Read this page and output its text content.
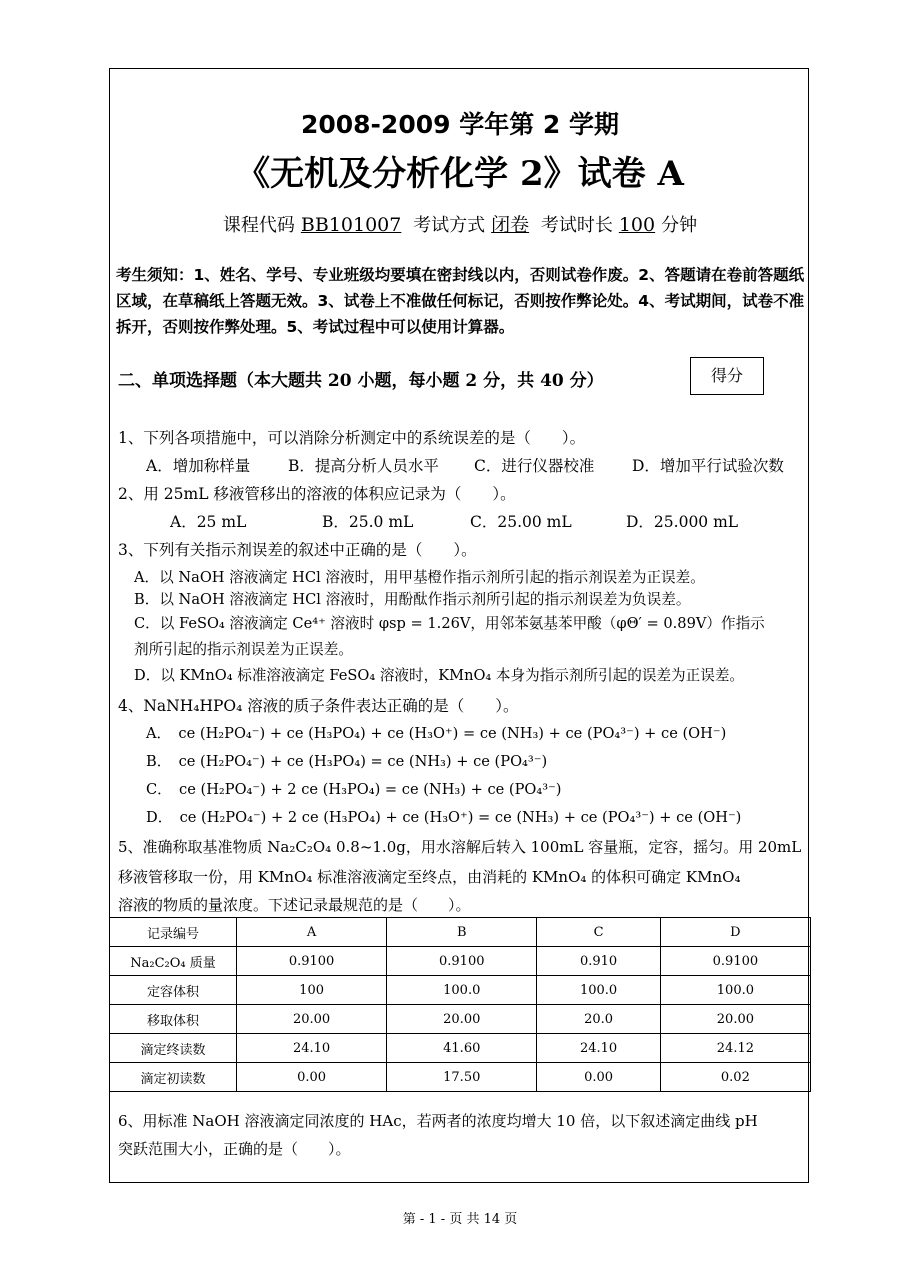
2008-2009 学年第 2 学期
《无机及分析化学 2》试卷 A
课程代码 BB101007 考试方式 闭卷 考试时长 100 分钟
考生须知：1、姓名、学号、专业班级均要填在密封线以内，否则试卷作废。2、答题请在卷前答题纸区域，在草稿纸上答题无效。3、试卷上不准做任何标记，否则按作弊论处。4、考试期间，试卷不准拆开，否则按作弊处理。5、考试过程中可以使用计算器。
二、单项选择题（本大题共 20 小题，每小题 2 分，共 40 分）	得分
1、下列各项措施中，可以消除分析测定中的系统误差的是（　　）。
A．增加称样量 B．提高分析人员水平 C．进行仪器校准 D．增加平行试验次数
2、用 25mL 移液管移出的溶液的体积应记录为（　　）。
A．25 mL	B．25.0 mL	C．25.00 mL	D．25.000 mL
3、下列有关指示剂误差的叙述中正确的是（　　）。
A．以 NaOH 溶液滴定 HCl 溶液时，用甲基橙作指示剂所引起的指示剂误差为正误差。
B．以 NaOH 溶液滴定 HCl 溶液时，用酚酞作指示剂所引起的指示剂误差为负误差。
C．以 FeSO₄ 溶液滴定 Ce⁴⁺ 溶液时 φsp = 1.26V，用邻苯氨基苯甲酸（φΘ′ = 0.89V）作指示
剂所引起的指示剂误差为正误差。
D．以 KMnO₄ 标准溶液滴定 FeSO₄ 溶液时，KMnO₄ 本身为指示剂所引起的误差为正误差。
4、NaNH₄HPO₄ 溶液的质子条件表达正确的是（　　）。
A．　ce (H₂PO₄⁻) + ce (H₃PO₄) + ce (H₃O⁺) = ce (NH₃) + ce (PO₄³⁻) + ce (OH⁻)
B．　ce (H₂PO₄⁻) + ce (H₃PO₄) = ce (NH₃) + ce (PO₄³⁻)
C．　ce (H₂PO₄⁻) + 2 ce (H₃PO₄) = ce (NH₃) + ce (PO₄³⁻)
D．　ce (H₂PO₄⁻) + 2 ce (H₃PO₄) + ce (H₃O⁺) = ce (NH₃) + ce (PO₄³⁻) + ce (OH⁻)
5、准确称取基准物质 Na₂C₂O₄ 0.8~1.0g，用水溶解后转入 100mL 容量瓶，定容，摇匀。用 20mL
移液管移取一份，用 KMnO₄ 标准溶液滴定至终点，由消耗的 KMnO₄ 的体积可确定 KMnO₄
溶液的物质的量浓度。下述记录最规范的是（　　）。
记录编号	A	B	C	D
Na₂C₂O₄ 质量	0.9100	0.9100	0.910	0.9100
定容体积	100	100.0	100.0	100.0
移取体积	20.00	20.00	20.0	20.00
滴定终读数	24.10	41.60	24.10	24.12
滴定初读数	0.00	17.50	0.00	0.02
6、用标准 NaOH 溶液滴定同浓度的 HAc，若两者的浓度均增大 10 倍，以下叙述滴定曲线 pH
突跃范围大小，正确的是（　　）。
第 - 1 - 页 共 14 页
